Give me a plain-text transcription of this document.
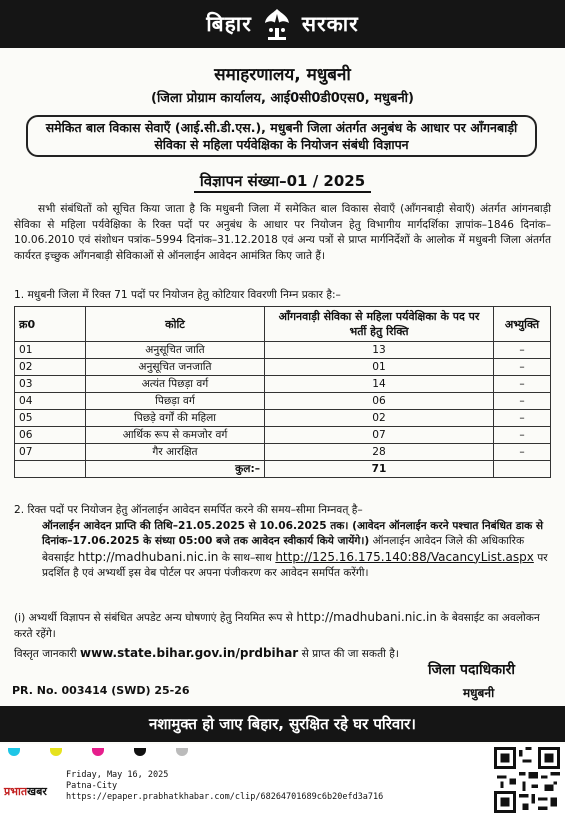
बिहार सरकार
समाहरणालय, मधुबनी
(जिला प्रोग्राम कार्यालय, आई0सी0डी0एस0, मधुबनी)
समेकित बाल विकास सेवाएँ (आई.सी.डी.एस.), मधुबनी जिला अंतर्गत अनुबंध के आधार पर आँगनबाड़ी सेविका से महिला पर्यवेक्षिका के नियोजन संबंधी विज्ञापन
विज्ञापन संख्या–01 / 2025
सभी संबंधितों को सूचित किया जाता है कि मधुबनी जिला में समेकित बाल विकास सेवाएँ (आँगनबाड़ी सेवाएँ) अंतर्गत आंगनबाड़ी सेविका से महिला पर्यवेक्षिका के रिक्त पदों पर अनुबंध के आधार पर नियोजन हेतु विभागीय मार्गदर्शिका ज्ञापांक–1846 दिनांक–10.06.2010 एवं संशोधन पत्रांक–5994 दिनांक–31.12.2018 एवं अन्य पत्रों से प्राप्त मार्गनिर्देशों के आलोक में मधुबनी जिला अंतर्गत कार्यरत इच्छुक आँगनबाड़ी सेविकाओं से ऑनलाईन आवेदन आमंत्रित किए जाते हैं।
1. मधुबनी जिला में रिक्त 71 पदों पर नियोजन हेतु कोटियार विवरणी निम्न प्रकार है:–
क्र0	कोटि	आँगनवाड़ी सेविका से महिला पर्यवेक्षिका के पद पर भर्ती हेतु रिक्ति	अभ्युक्ति
01	अनुसूचित जाति	13	–
02	अनुसूचित जनजाति	01	–
03	अत्यंत पिछड़ा वर्ग	14	–
04	पिछड़ा वर्ग	06	–
05	पिछड़े वर्गों की महिला	02	–
06	आर्थिक रूप से कमजोर वर्ग	07	–
07	गैर आरक्षित	28	–
	कुल:–	71	
2. रिक्त पदों पर नियोजन हेतु ऑनलाईन आवेदन समर्पित करने की समय–सीमा निम्नवत् है–
ऑनलाईन आवेदन प्राप्ति की तिथि–21.05.2025 से 10.06.2025 तक। (आवेदन ऑनलाईन करने पश्चात निबंधित डाक से दिनांक–17.06.2025 के संध्या 05:00 बजे तक आवेदन स्वीकार्य किये जायेंगे।) ऑनलाईन आवेदन जिले की अधिकारिक बेवसाईट http://madhubani.nic.in के साथ–साथ http://125.16.175.140:88/VacancyList.aspx पर प्रदर्शित है एवं अभ्यर्थी इस वेब पोर्टल पर अपना पंजीकरण कर आवेदन समर्पित करेंगी।
(i) अभ्यर्थी विज्ञापन से संबंधित अपडेट अन्य घोषणाएं हेतु नियमित रूप से http://madhubani.nic.in के बेवसाईट का अवलोकन करते रहेंगे।
विस्तृत जानकारी www.state.bihar.gov.in/prdbihar से प्राप्त की जा सकती है।
जिला पदाधिकारी
मधुबनी
PR. No. 003414 (SWD) 25-26
नशामुक्त हो जाए बिहार, सुरक्षित रहे घर परिवार।
प्रभातखबर
Friday, May 16, 2025
Patna-City
https://epaper.prabhatkhabar.com/clip/68264701689c6b20efd3a716
